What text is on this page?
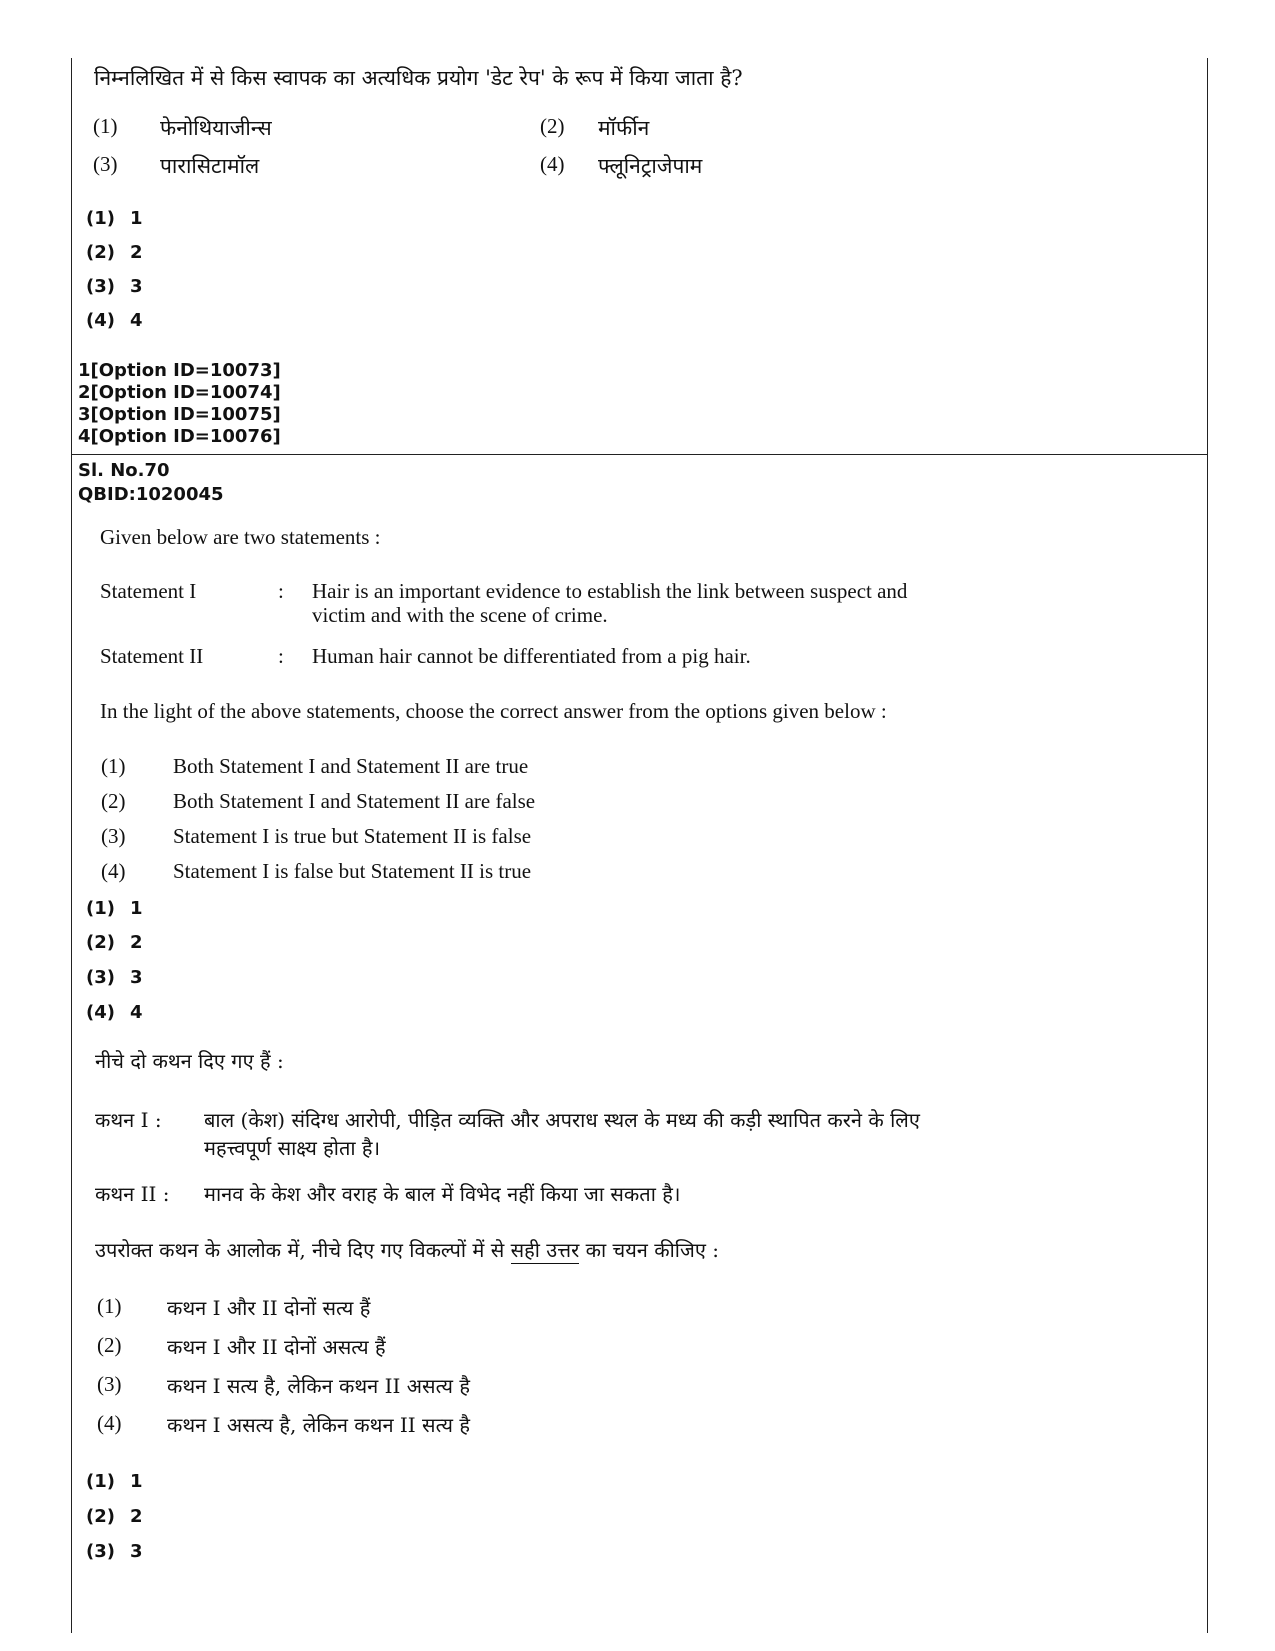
निम्नलिखित में से किस स्वापक का अत्यधिक प्रयोग 'डेट रेप' के रूप में किया जाता है?
(1) फेनोथियाजीन्स	(2) मॉर्फीन
(3) पारासिटामॉल	(4) फ्लूनिट्राजेपाम
(1) 1
(2) 2
(3) 3
(4) 4
1[Option ID=10073]
2[Option ID=10074]
3[Option ID=10075]
4[Option ID=10076]
Sl. No.70
QBID:1020045
Given below are two statements :
Statement I	: Hair is an important evidence to establish the link between suspect and
victim and with the scene of crime.
Statement II	: Human hair cannot be differentiated from a pig hair.
In the light of the above statements, choose the correct answer from the options given below :
(1) Both Statement I and Statement II are true
(2) Both Statement I and Statement II are false
(3) Statement I is true but Statement II is false
(4) Statement I is false but Statement II is true
(1) 1
(2) 2
(3) 3
(4) 4
नीचे दो कथन दिए गए हैं :
कथन I : बाल (केश) संदिग्ध आरोपी, पीड़ित व्यक्ति और अपराध स्थल के मध्य की कड़ी स्थापित करने के लिए
महत्त्वपूर्ण साक्ष्य होता है।
कथन II : मानव के केश और वराह के बाल में विभेद नहीं किया जा सकता है।
उपरोक्त कथन के आलोक में, नीचे दिए गए विकल्पों में से सही उत्तर का चयन कीजिए :
(1) कथन I और II दोनों सत्य हैं
(2) कथन I और II दोनों असत्य हैं
(3) कथन I सत्य है, लेकिन कथन II असत्य है
(4) कथन I असत्य है, लेकिन कथन II सत्य है
(1) 1
(2) 2
(3) 3
